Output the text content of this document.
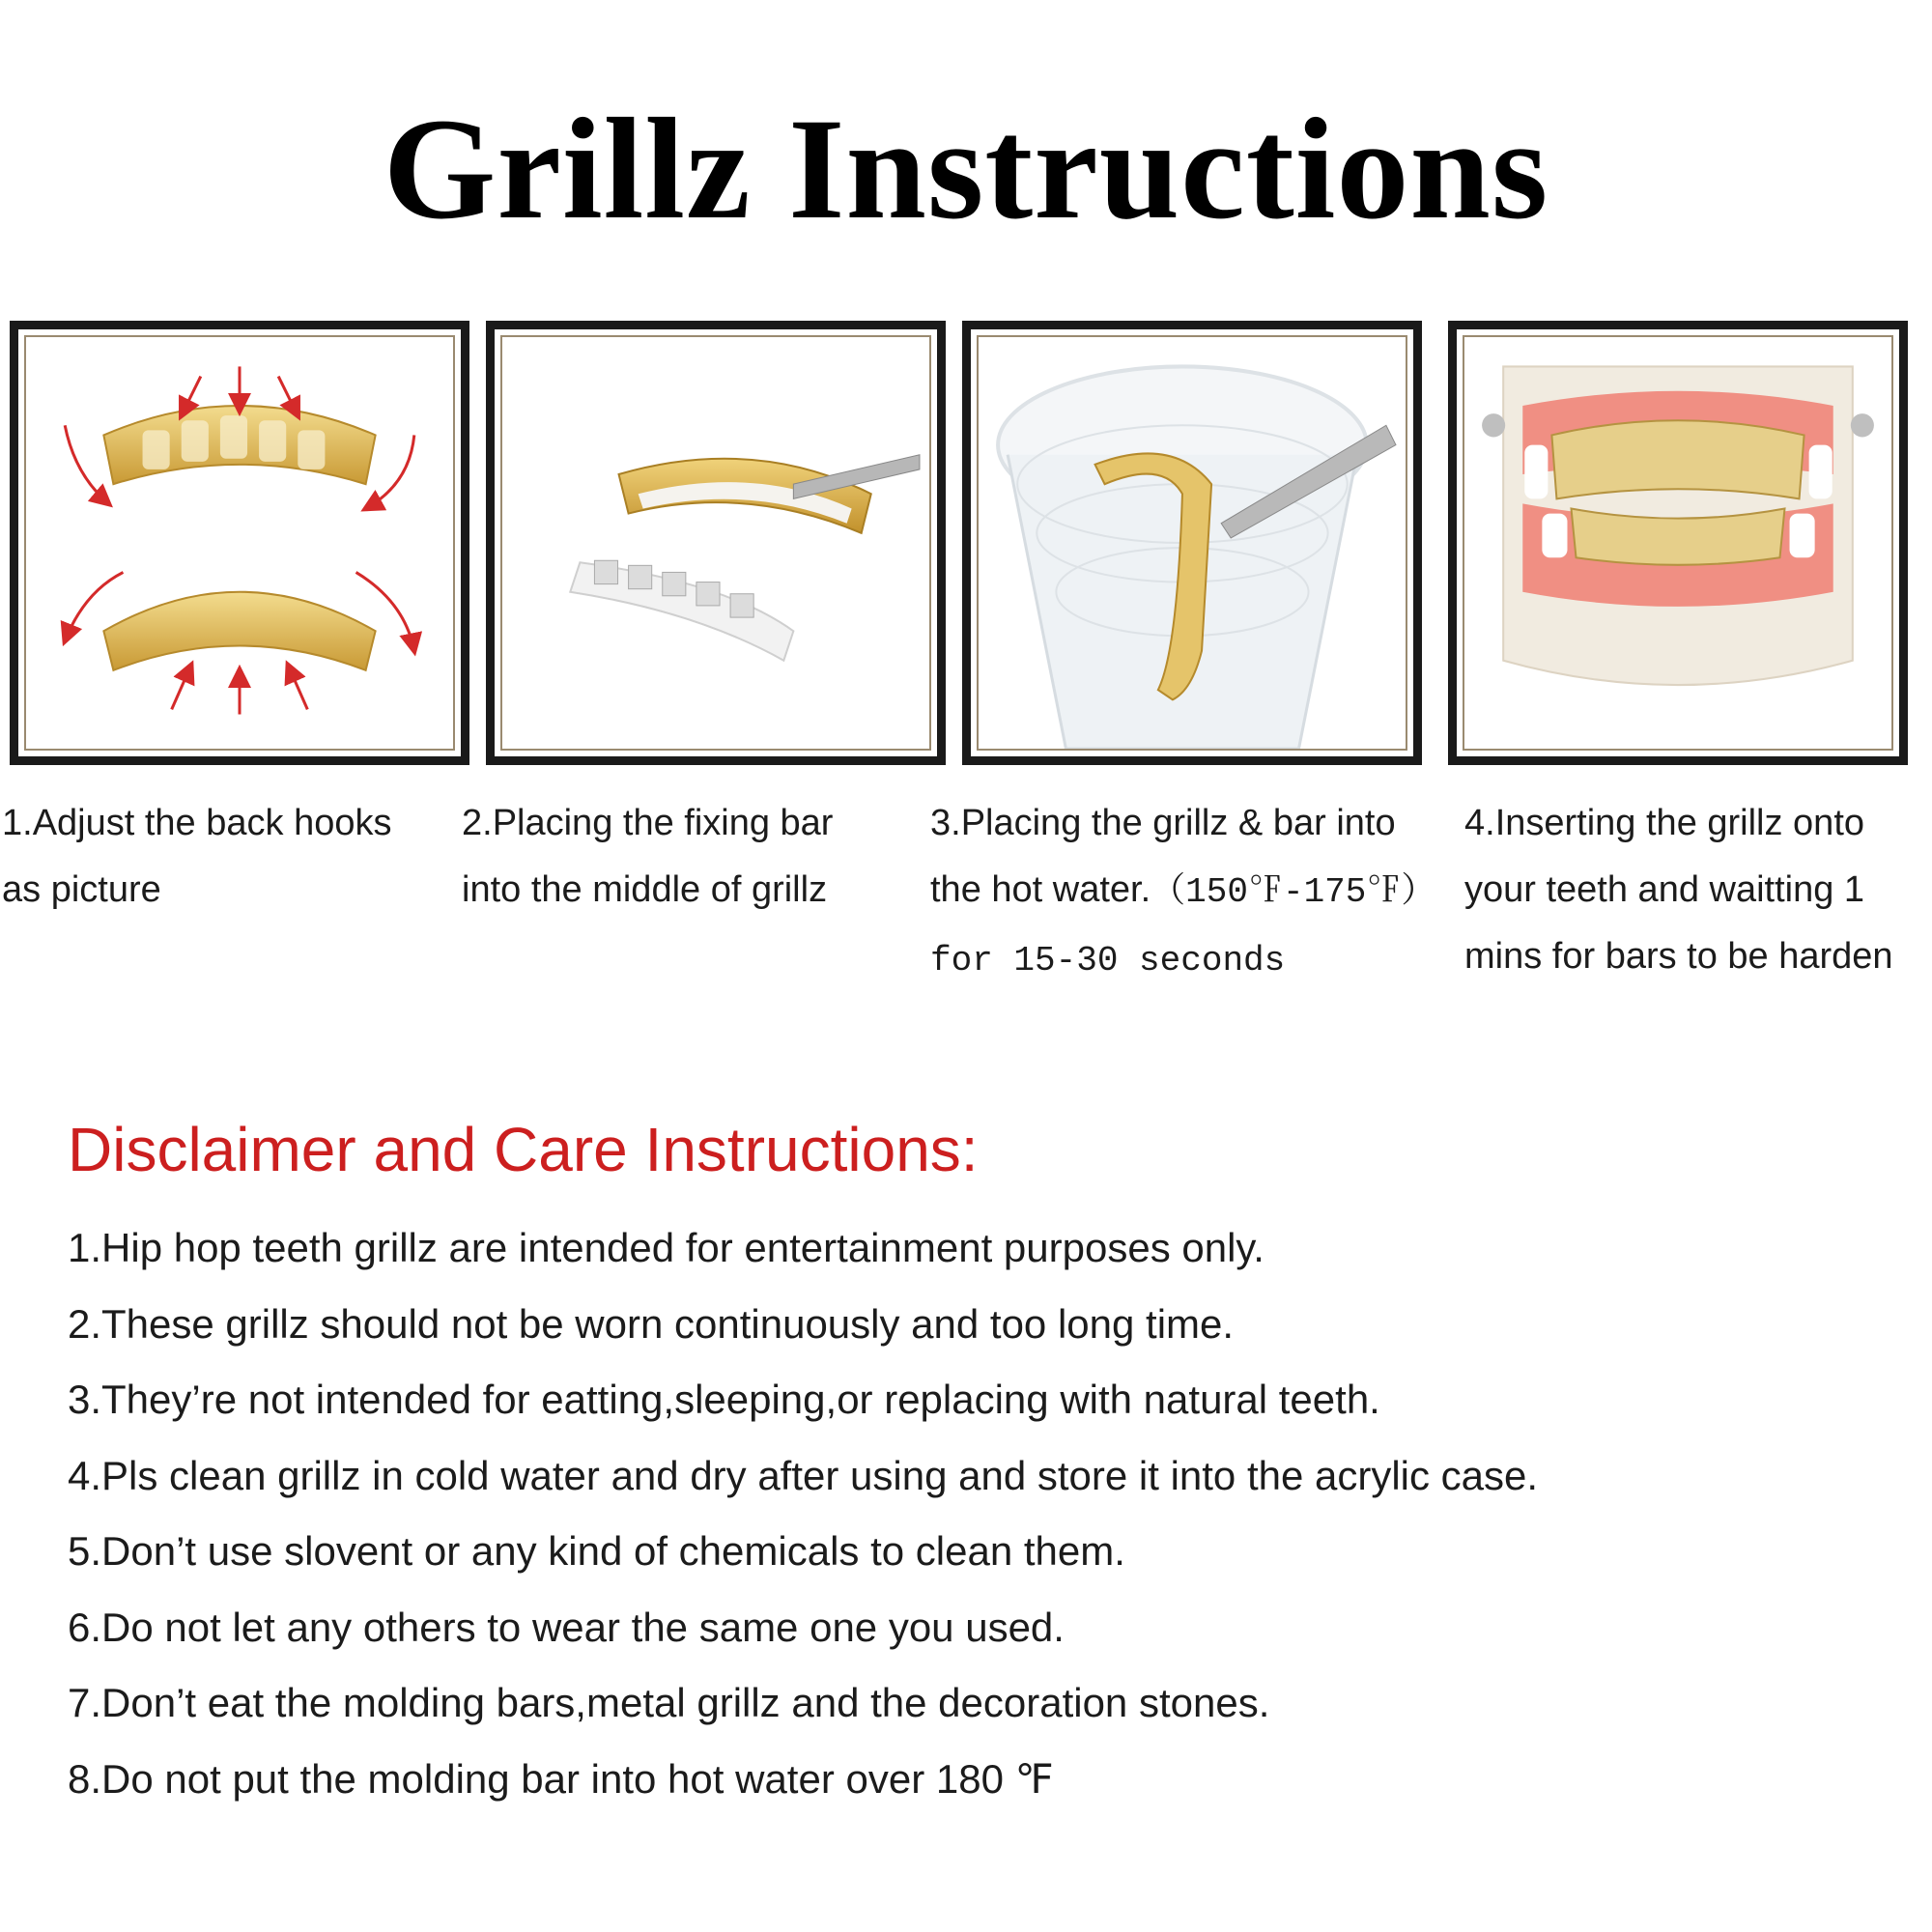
Grillz Instructions

1.Adjust the back hooks
as picture

2.Placing the fixing bar
into the middle of grillz

3.Placing the grillz & bar into
the hot water.（150℉-175℉）
for 15-30 seconds

4.Inserting the grillz onto
your teeth and waitting 1
mins for bars to be harden

Disclaimer and Care Instructions:
1.Hip hop teeth grillz are intended for entertainment purposes only.
2.These grillz should not be worn continuously and too long time.
3.They’re not intended for eatting,sleeping,or replacing with natural teeth.
4.Pls clean grillz in cold water and dry after using and store it into the acrylic case.
5.Don’t use slovent or any kind of chemicals to clean them.
6.Do not let any others to wear the same one you used.
7.Don’t eat the molding bars,metal grillz and the decoration stones.
8.Do not put the molding bar into hot water over 180 ℉
